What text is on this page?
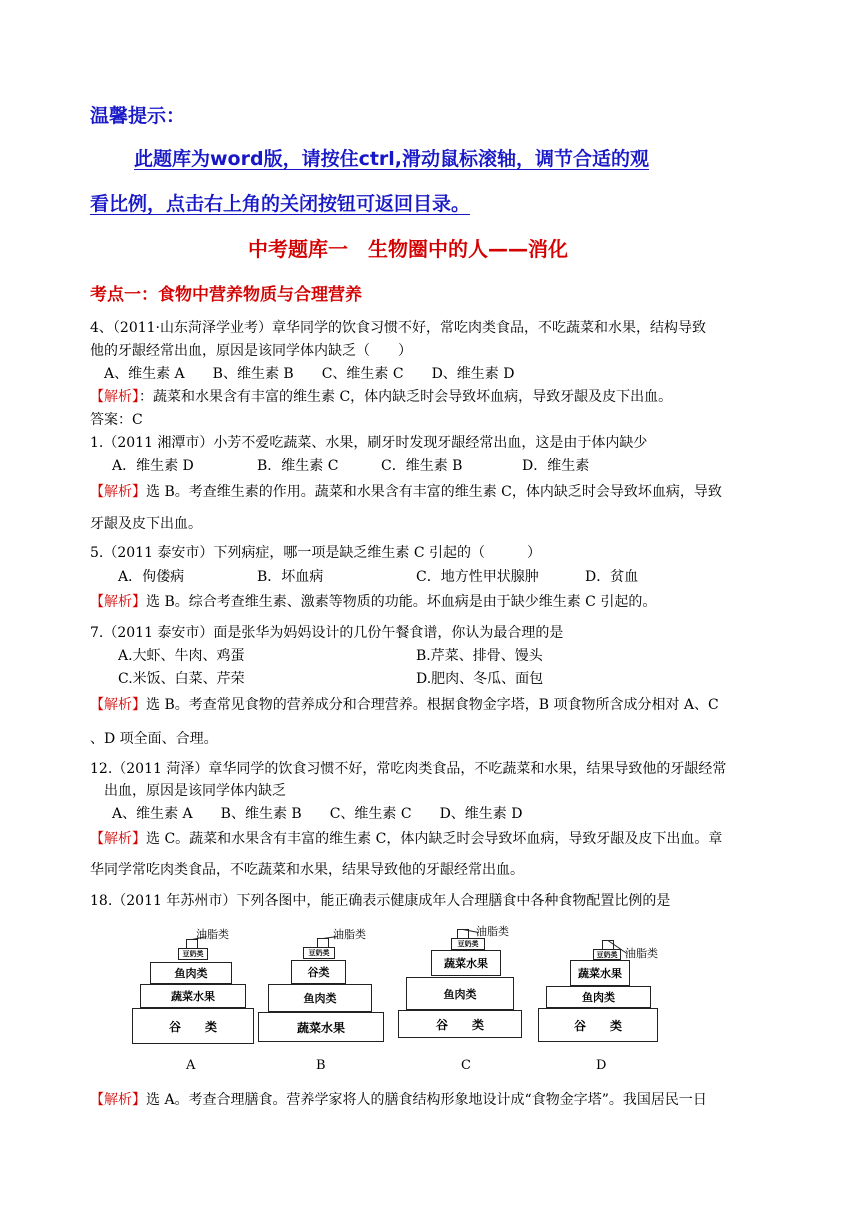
温馨提示：
此题库为word版，请按住ctrl,滑动鼠标滚轴，调节合适的观
看比例，点击右上角的关闭按钮可返回目录。
中考题库一　生物圈中的人——消化
考点一：食物中营养物质与合理营养
4、（2011·山东菏泽学业考）章华同学的饮食习惯不好，常吃肉类食品，不吃蔬菜和水果，结构导致
他的牙龈经常出血，原因是该同学体内缺乏（　　）
A、维生素 A　　B、维生素 B　　C、维生素 C　　D、维生素 D
【解析】：蔬菜和水果含有丰富的维生素 C，体内缺乏时会导致坏血病，导致牙龈及皮下出血。
答案：C
1.（2011 湘潭市）小芳不爱吃蔬菜、水果，刷牙时发现牙龈经常出血，这是由于体内缺少
A．维生素 D	B．维生素 C	C．维生素 B	D．维生素
【解析】选 B。考查维生素的作用。蔬菜和水果含有丰富的维生素 C，体内缺乏时会导致坏血病，导致
牙龈及皮下出血。
5.（2011 泰安市）下列病症，哪一项是缺乏维生素 C 引起的（　　　）
A．佝偻病	B．坏血病	C．地方性甲状腺肿	D．贫血
【解析】选 B。综合考查维生素、激素等物质的功能。坏血病是由于缺少维生素 C 引起的。
7.（2011 泰安市）面是张华为妈妈设计的几份午餐食谱，你认为最合理的是
A.大虾、牛肉、鸡蛋	B.芹菜、排骨、馒头
C.米饭、白菜、芹荣	D.肥肉、冬瓜、面包
【解析】选 B。考查常见食物的营养成分和合理营养。根据食物金字塔，B 项食物所含成分相对 A、C
、D 项全面、合理。
12.（2011 菏泽）章华同学的饮食习惯不好，常吃肉类食品，不吃蔬菜和水果，结果导致他的牙龈经常
出血，原因是该同学体内缺乏
A、维生素 A　　B、维生素 B　　C、维生素 C　　D、维生素 D
【解析】选 C。蔬菜和水果含有丰富的维生素 C，体内缺乏时会导致坏血病，导致牙龈及皮下出血。章
华同学常吃肉类食品，不吃蔬菜和水果，结果导致他的牙龈经常出血。
18.（2011 年苏州市）下列各图中，能正确表示健康成年人合理膳食中各种食物配置比例的是
豆奶类
鱼肉类
蔬菜水果
谷　　类
油脂类
A
豆奶类
谷类
鱼肉类
蔬菜水果
油脂类
B
豆奶类
蔬菜水果
鱼肉类
谷　　类
油脂类
C
豆奶类
蔬菜水果
鱼肉类
谷　　类
油脂类
D
【解析】选 A。考查合理膳食。营养学家将人的膳食结构形象地设计成“食物金字塔”。我国居民一日
